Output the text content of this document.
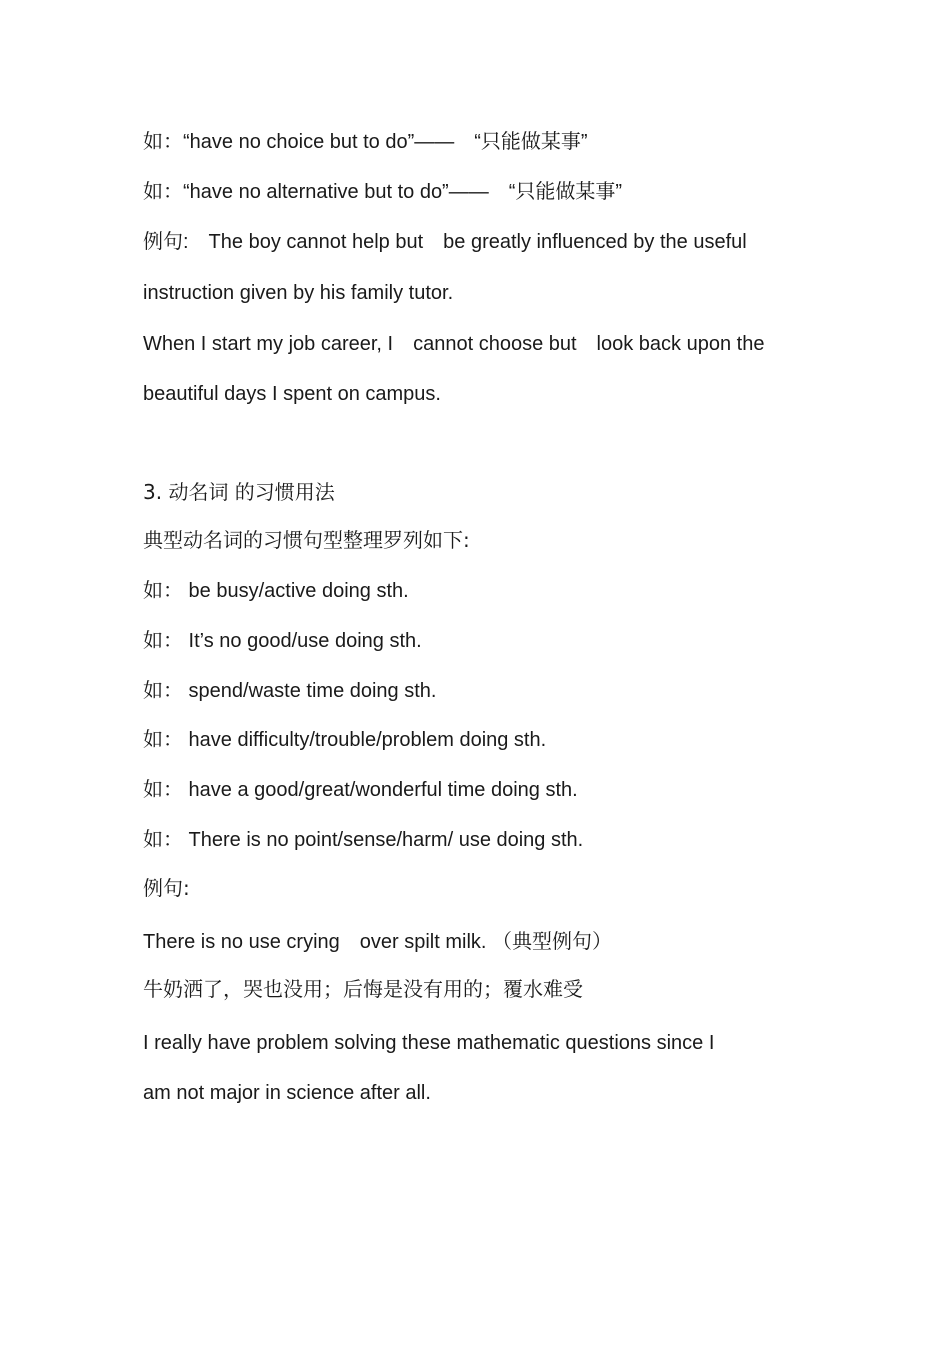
如：“have no choice but to do”——　“只能做某事”
如：“have no alternative but to do”——　“只能做某事”
例句:　The boy cannot help but　be greatly influenced by the useful
instruction given by his family tutor.
When I start my job career, I　cannot choose but　look back upon the
beautiful days I spent on campus.
3. 动名词 的习惯用法
典型动名词的习惯句型整理罗列如下:
如： be busy/active doing sth.
如： It’s no good/use doing sth.
如： spend/waste time doing sth.
如： have difficulty/trouble/problem doing sth.
如： have a good/great/wonderful time doing sth.
如： There is no point/sense/harm/ use doing sth.
例句:
There is no use crying　over spilt milk. （典型例句）
牛奶洒了，哭也没用；后悔是没有用的；覆水难受
I really have problem solving these mathematic questions since I
am not major in science after all.
